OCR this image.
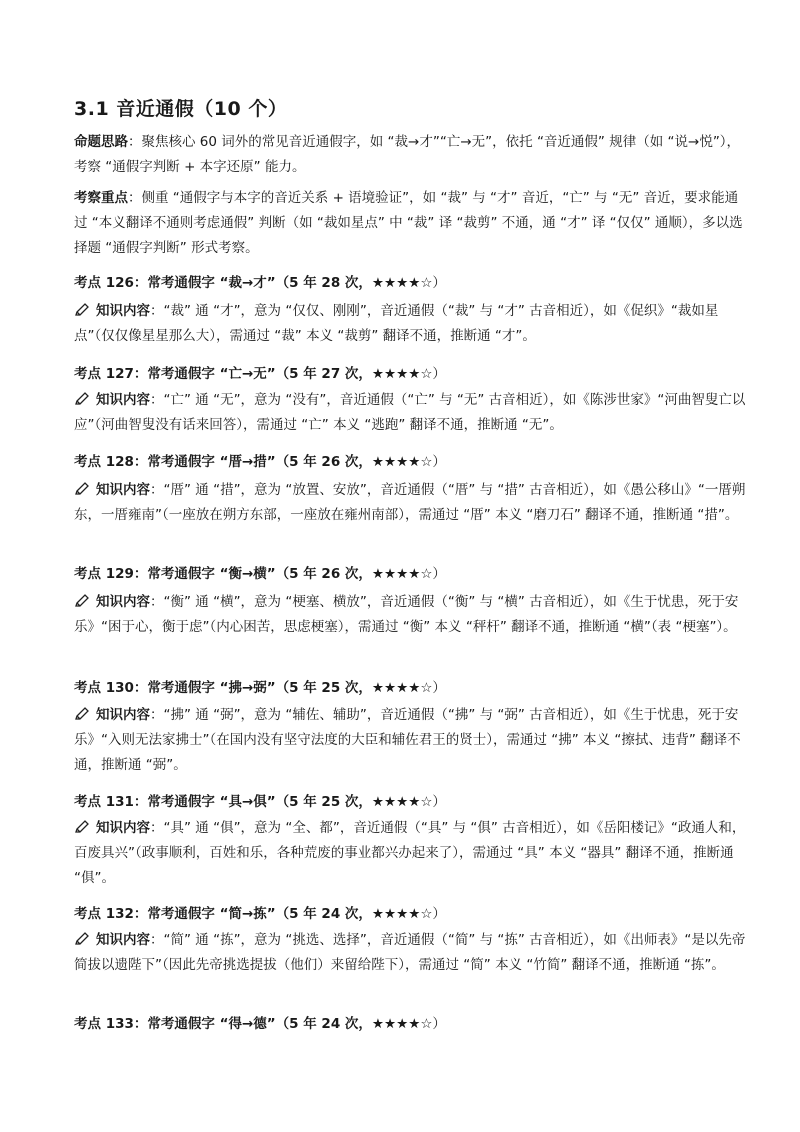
3.1 音近通假（10 个）
命题思路：聚焦核心 60 词外的常见音近通假字，如 “裁→才”“亡→无”，依托 “音近通假” 规律（如 “说→悦”），考察 “通假字判断 + 本字还原” 能力。
考察重点：侧重 “通假字与本字的音近关系 + 语境验证”，如 “裁” 与 “才” 音近，“亡” 与 “无” 音近，要求能通过 “本义翻译不通则考虑通假” 判断（如 “裁如星点” 中 “裁” 译 “裁剪” 不通，通 “才” 译 “仅仅” 通顺），多以选择题 “通假字判断” 形式考察。
考点 126：常考通假字 “裁→才”（5 年 28 次，★★★★☆）
知识内容：“裁” 通 “才”，意为 “仅仅、刚刚”，音近通假（“裁” 与 “才” 古音相近），如《促织》“裁如星点”（仅仅像星星那么大），需通过 “裁” 本义 “裁剪” 翻译不通，推断通 “才”。
考点 127：常考通假字 “亡→无”（5 年 27 次，★★★★☆）
知识内容：“亡” 通 “无”，意为 “没有”，音近通假（“亡” 与 “无” 古音相近），如《陈涉世家》“河曲智叟亡以应”（河曲智叟没有话来回答），需通过 “亡” 本义 “逃跑” 翻译不通，推断通 “无”。
考点 128：常考通假字 “厝→措”（5 年 26 次，★★★★☆）
知识内容：“厝” 通 “措”，意为 “放置、安放”，音近通假（“厝” 与 “措” 古音相近），如《愚公移山》“一厝朔东，一厝雍南”（一座放在朔方东部，一座放在雍州南部），需通过 “厝” 本义 “磨刀石” 翻译不通，推断通 “措”。
考点 129：常考通假字 “衡→横”（5 年 26 次，★★★★☆）
知识内容：“衡” 通 “横”，意为 “梗塞、横放”，音近通假（“衡” 与 “横” 古音相近），如《生于忧患，死于安乐》“困于心，衡于虑”（内心困苦，思虑梗塞），需通过 “衡” 本义 “秤杆” 翻译不通，推断通 “横”（表 “梗塞”）。
考点 130：常考通假字 “拂→弼”（5 年 25 次，★★★★☆）
知识内容：“拂” 通 “弼”，意为 “辅佐、辅助”，音近通假（“拂” 与 “弼” 古音相近），如《生于忧患，死于安乐》“入则无法家拂士”（在国内没有坚守法度的大臣和辅佐君王的贤士），需通过 “拂” 本义 “擦拭、违背” 翻译不通，推断通 “弼”。
考点 131：常考通假字 “具→俱”（5 年 25 次，★★★★☆）
知识内容：“具” 通 “俱”，意为 “全、都”，音近通假（“具” 与 “俱” 古音相近），如《岳阳楼记》“政通人和，百废具兴”（政事顺利，百姓和乐，各种荒废的事业都兴办起来了），需通过 “具” 本义 “器具” 翻译不通，推断通 “俱”。
考点 132：常考通假字 “简→拣”（5 年 24 次，★★★★☆）
知识内容：“简” 通 “拣”，意为 “挑选、选择”，音近通假（“简” 与 “拣” 古音相近），如《出师表》“是以先帝简拔以遗陛下”（因此先帝挑选提拔（他们）来留给陛下），需通过 “简” 本义 “竹简” 翻译不通，推断通 “拣”。
考点 133：常考通假字 “得→德”（5 年 24 次，★★★★☆）
